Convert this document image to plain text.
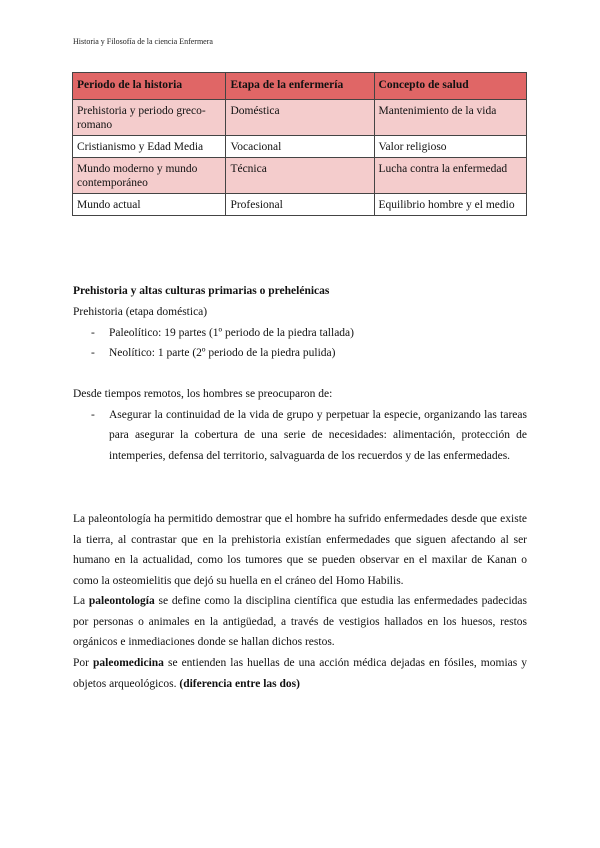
Historia y Filosofía de la ciencia Enfermera
Periodo de la historia	Etapa de la enfermería	Concepto de salud
Prehistoria y periodo greco-romano	Doméstica	Mantenimiento de la vida
Cristianismo y Edad Media	Vocacional	Valor religioso
Mundo moderno y mundo contemporáneo	Técnica	Lucha contra la enfermedad
Mundo actual	Profesional	Equilibrio hombre y el medio
Prehistoria y altas culturas primarias o prehelénicas
Prehistoria (etapa doméstica)
- Paleolítico: 19 partes (1º periodo de la piedra tallada)
- Neolítico: 1 parte (2º periodo de la piedra pulida)
Desde tiempos remotos, los hombres se preocuparon de:
- Asegurar la continuidad de la vida de grupo y perpetuar la especie, organizando las tareas para asegurar la cobertura de una serie de necesidades: alimentación, protección de intemperies, defensa del territorio, salvaguarda de los recuerdos y de las enfermedades.
La paleontología ha permitido demostrar que el hombre ha sufrido enfermedades desde que existe la tierra, al contrastar que en la prehistoria existían enfermedades que siguen afectando al ser humano en la actualidad, como los tumores que se pueden observar en el maxilar de Kanan o como la osteomielitis que dejó su huella en el cráneo del Homo Habilis.
La paleontología se define como la disciplina científica que estudia las enfermedades padecidas por personas o animales en la antigüedad, a través de vestigios hallados en los huesos, restos orgánicos e inmediaciones donde se hallan dichos restos.
Por paleomedicina se entienden las huellas de una acción médica dejadas en fósiles, momias y objetos arqueológicos. (diferencia entre las dos)
